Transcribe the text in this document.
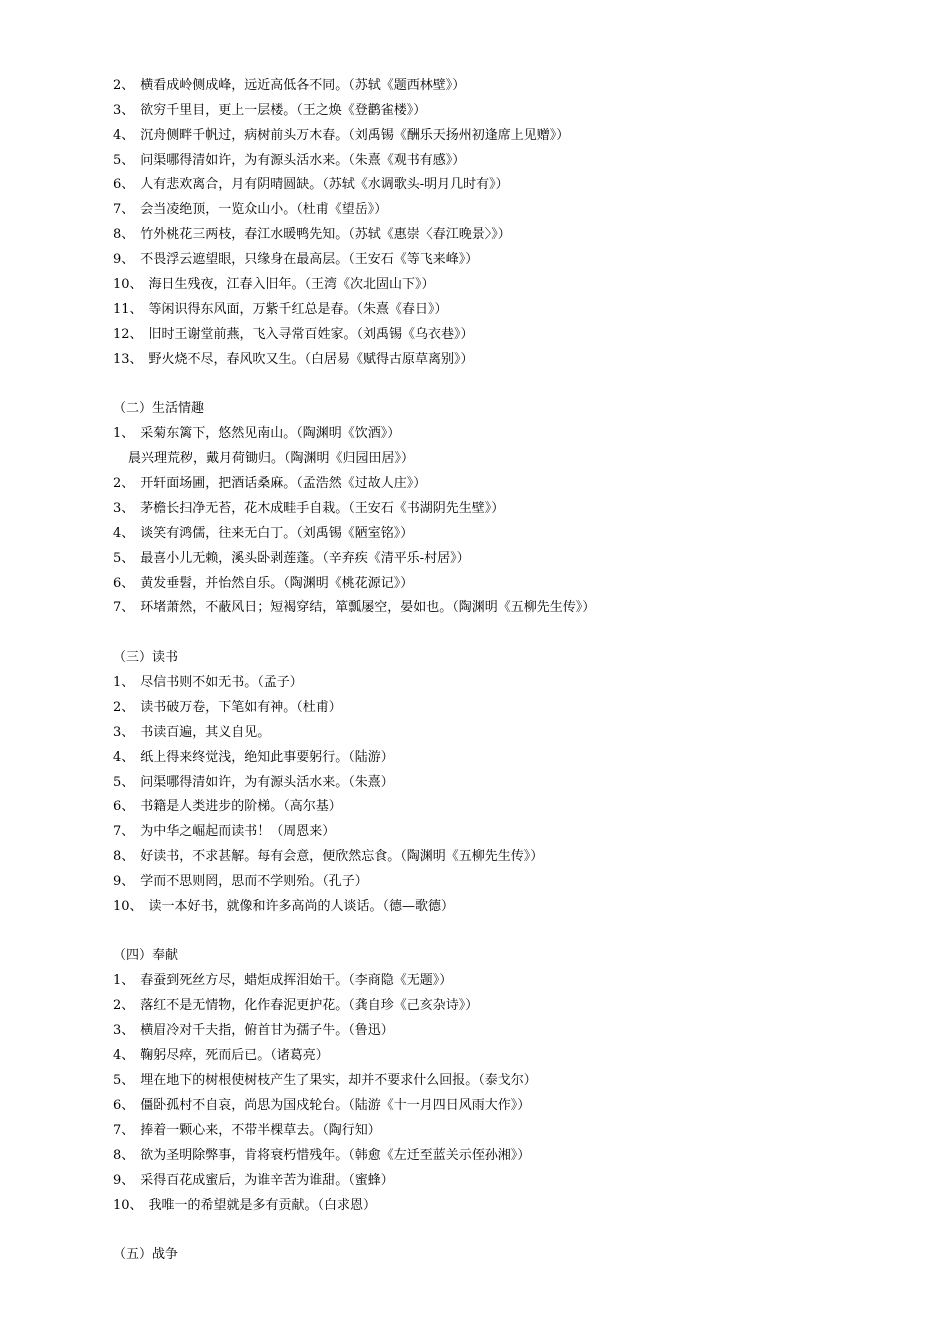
2、 横看成岭侧成峰，远近高低各不同。（苏轼《题西林壁》）
3、 欲穷千里目，更上一层楼。（王之焕《登鹳雀楼》）
4、 沉舟侧畔千帆过，病树前头万木春。（刘禹锡《酬乐天扬州初逢席上见赠》）
5、 问渠哪得清如许，为有源头活水来。（朱熹《观书有感》）
6、 人有悲欢离合，月有阴晴圆缺。（苏轼《水调歌头-明月几时有》）
7、 会当凌绝顶，一览众山小。（杜甫《望岳》）
8、 竹外桃花三两枝，春江水暖鸭先知。（苏轼《惠崇〈春江晚景〉》）
9、 不畏浮云遮望眼，只缘身在最高层。（王安石《等飞来峰》）
10、 海日生残夜，江春入旧年。（王湾《次北固山下》）
11、 等闲识得东风面，万紫千红总是春。（朱熹《春日》）
12、 旧时王谢堂前燕，飞入寻常百姓家。（刘禹锡《乌衣巷》）
13、 野火烧不尽，春风吹又生。（白居易《赋得古原草离别》）
（二）生活情趣
1、 采菊东篱下，悠然见南山。（陶渊明《饮酒》）
晨兴理荒秽，戴月荷锄归。（陶渊明《归园田居》）
2、 开轩面场圃，把酒话桑麻。（孟浩然《过故人庄》）
3、 茅檐长扫净无苔，花木成畦手自栽。（王安石《书湖阴先生壁》）
4、 谈笑有鸿儒，往来无白丁。（刘禹锡《陋室铭》）
5、 最喜小儿无赖，溪头卧剥莲蓬。（辛弃疾《清平乐-村居》）
6、 黄发垂髫，并怡然自乐。（陶渊明《桃花源记》）
7、 环堵萧然，不蔽风日；短褐穿结，箪瓢屡空，晏如也。（陶渊明《五柳先生传》）
（三）读书
1、 尽信书则不如无书。（孟子）
2、 读书破万卷，下笔如有神。（杜甫）
3、 书读百遍，其义自见。
4、 纸上得来终觉浅，绝知此事要躬行。（陆游）
5、 问渠哪得清如许，为有源头活水来。（朱熹）
6、 书籍是人类进步的阶梯。（高尔基）
7、 为中华之崛起而读书！（周恩来）
8、 好读书，不求甚解。每有会意，便欣然忘食。（陶渊明《五柳先生传》）
9、 学而不思则罔，思而不学则殆。（孔子）
10、 读一本好书，就像和许多高尚的人谈话。（德—歌德）
（四）奉献
1、 春蚕到死丝方尽，蜡炬成挥泪始干。（李商隐《无题》）
2、 落红不是无情物，化作春泥更护花。（龚自珍《己亥杂诗》）
3、 横眉冷对千夫指，俯首甘为孺子牛。（鲁迅）
4、 鞠躬尽瘁，死而后已。（诸葛亮）
5、 埋在地下的树根使树枝产生了果实，却并不要求什么回报。（泰戈尔）
6、 僵卧孤村不自哀，尚思为国戍轮台。（陆游《十一月四日风雨大作》）
7、 捧着一颗心来，不带半棵草去。（陶行知）
8、 欲为圣明除弊事，肯将衰朽惜残年。（韩愈《左迁至蓝关示侄孙湘》）
9、 采得百花成蜜后，为谁辛苦为谁甜。（蜜蜂）
10、 我唯一的希望就是多有贡献。（白求恩）
（五）战争
